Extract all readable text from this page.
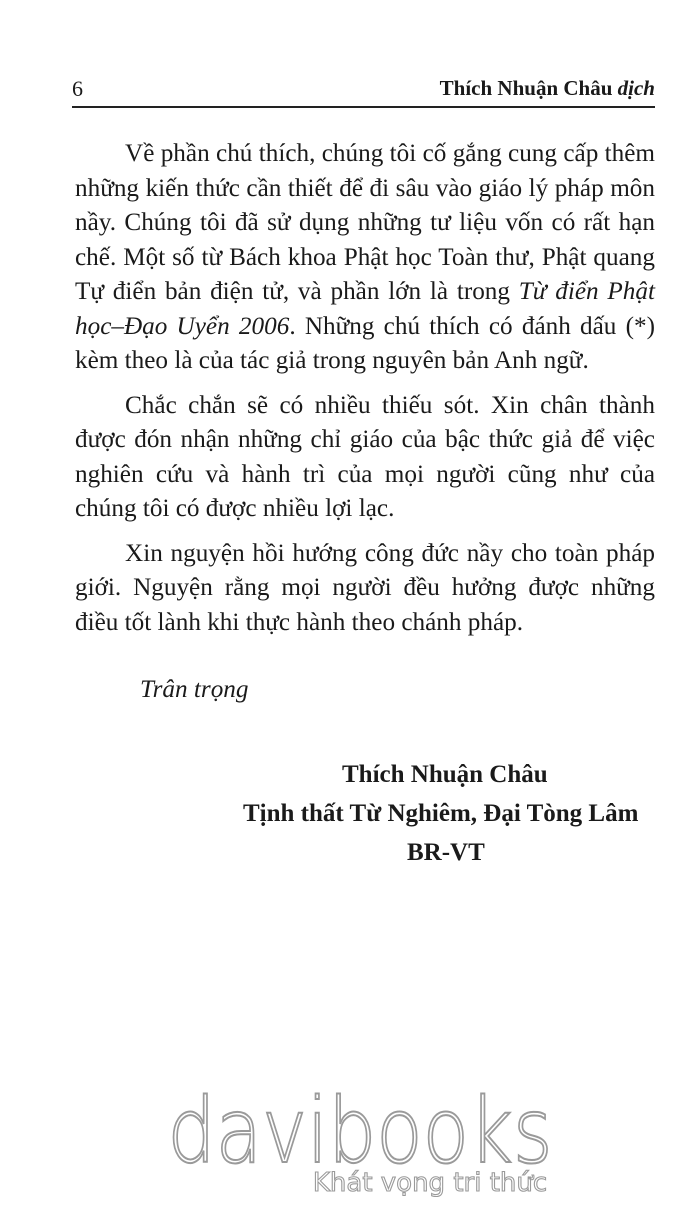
6	Thích Nhuận Châu dịch

Về phần chú thích, chúng tôi cố gắng cung cấp thêm những kiến thức cần thiết để đi sâu vào giáo lý pháp môn nầy. Chúng tôi đã sử dụng những tư liệu vốn có rất hạn chế. Một số từ Bách khoa Phật học Toàn thư, Phật quang Tự điển bản điện tử, và phần lớn là trong Từ điển Phật học–Đạo Uyển 2006. Những chú thích có đánh dấu (*) kèm theo là của tác giả trong nguyên bản Anh ngữ.

Chắc chắn sẽ có nhiều thiếu sót. Xin chân thành được đón nhận những chỉ giáo của bậc thức giả để việc nghiên cứu và hành trì của mọi người cũng như của chúng tôi có được nhiều lợi lạc.

Xin nguyện hồi hướng công đức nầy cho toàn pháp giới. Nguyện rằng mọi người đều hưởng được những điều tốt lành khi thực hành theo chánh pháp.

Trân trọng
Thích Nhuận Châu
Tịnh thất Từ Nghiêm, Đại Tòng Lâm
BR-VT
davibooks
Khát vọng tri thức
